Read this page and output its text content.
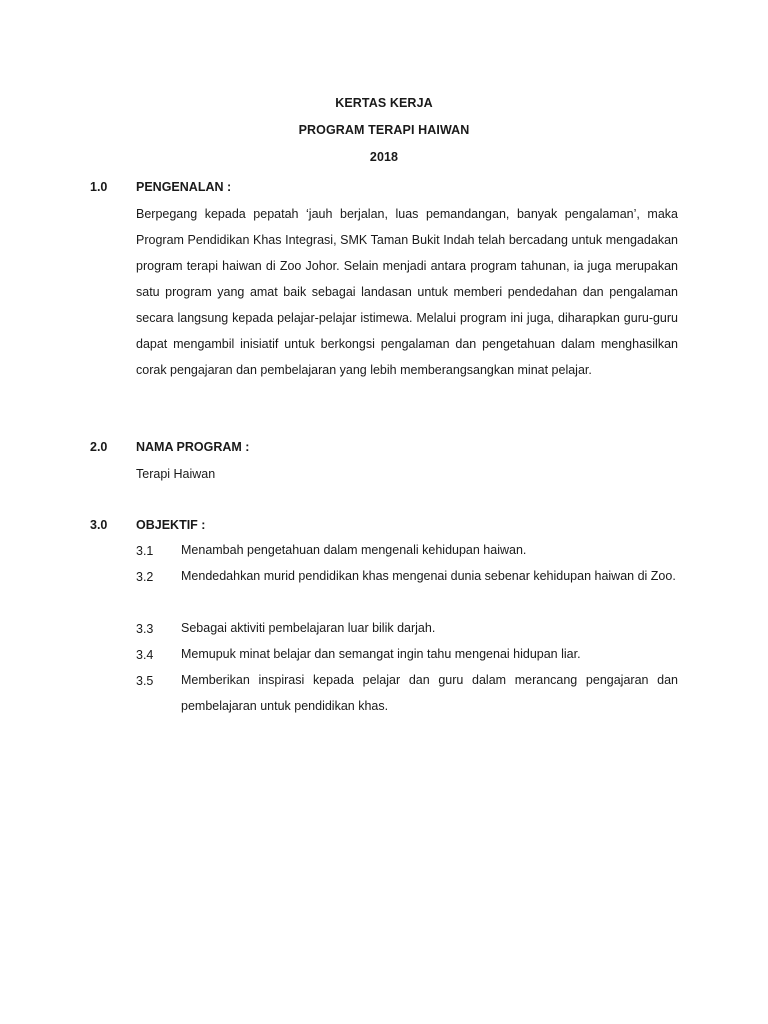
KERTAS KERJA
PROGRAM TERAPI HAIWAN
2018
1.0 PENGENALAN :

Berpegang kepada pepatah ‘jauh berjalan, luas pemandangan, banyak pengalaman’, maka Program Pendidikan Khas Integrasi, SMK Taman Bukit Indah telah bercadang untuk mengadakan program terapi haiwan di Zoo Johor. Selain menjadi antara program tahunan, ia juga merupakan satu program yang amat baik sebagai landasan untuk memberi pendedahan dan pengalaman secara langsung kepada pelajar-pelajar istimewa. Melalui program ini juga, diharapkan guru-guru dapat mengambil inisiatif untuk berkongsi pengalaman dan pengetahuan dalam menghasilkan corak pengajaran dan pembelajaran yang lebih memberangsangkan minat pelajar.

2.0 NAMA PROGRAM :
Terapi Haiwan
3.0 OBJEKTIF :
3.1 Menambah pengetahuan dalam mengenali kehidupan haiwan.

3.2 Mendedahkan murid pendidikan khas mengenai dunia sebenar kehidupan haiwan di Zoo.

3.3 Sebagai aktiviti pembelajaran luar bilik darjah.

3.4 Memupuk minat belajar dan semangat ingin tahu mengenai hidupan liar.

3.5 Memberikan inspirasi kepada pelajar dan guru dalam merancang pengajaran dan pembelajaran untuk pendidikan khas.
